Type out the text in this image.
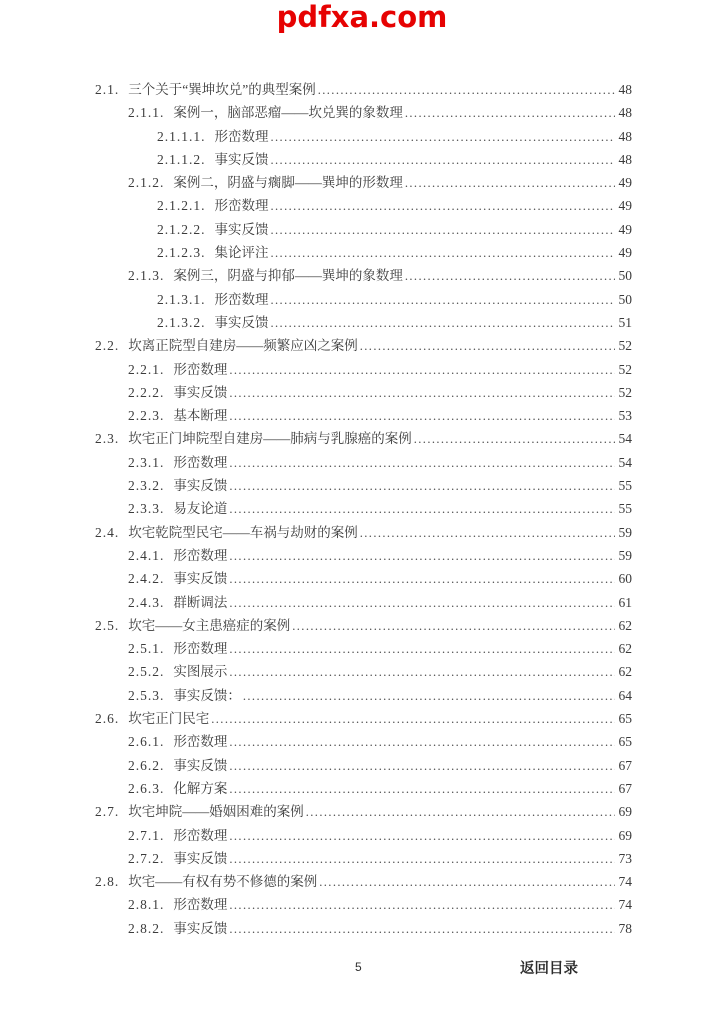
pdfxa.com
2.1. 三个关于“巽坤坎兑”的典型案例 .....	48
2.1.1. 案例一，脑部恶瘤——坎兑巽的象数理 .....	48
2.1.1.1. 形峦数理 .....	48
2.1.1.2. 事实反馈 .....	48
2.1.2. 案例二，阴盛与瘸脚——巽坤的形数理 .....	49
2.1.2.1. 形峦数理 .....	49
2.1.2.2. 事实反馈 .....	49
2.1.2.3. 集论评注 .....	49
2.1.3. 案例三，阴盛与抑郁——巽坤的象数理 .....	50
2.1.3.1. 形峦数理 .....	50
2.1.3.2. 事实反馈 .....	51
2.2. 坎离正院型自建房——频繁应凶之案例 .....	52
2.2.1. 形峦数理 .....	52
2.2.2. 事实反馈 .....	52
2.2.3. 基本断理 .....	53
2.3. 坎宅正门坤院型自建房——肺病与乳腺癌的案例 .....	54
2.3.1. 形峦数理 .....	54
2.3.2. 事实反馈 .....	55
2.3.3. 易友论道 .....	55
2.4. 坎宅乾院型民宅——车祸与劫财的案例 .....	59
2.4.1. 形峦数理 .....	59
2.4.2. 事实反馈 .....	60
2.4.3. 群断调法 .....	61
2.5. 坎宅——女主患癌症的案例 .....	62
2.5.1. 形峦数理 .....	62
2.5.2. 实图展示 .....	62
2.5.3. 事实反馈： .....	64
2.6. 坎宅正门民宅 .....	65
2.6.1. 形峦数理 .....	65
2.6.2. 事实反馈 .....	67
2.6.3. 化解方案 .....	67
2.7. 坎宅坤院——婚姻困难的案例 .....	69
2.7.1. 形峦数理 .....	69
2.7.2. 事实反馈 .....	73
2.8. 坎宅——有权有势不修德的案例 .....	74
2.8.1. 形峦数理 .....	74
2.8.2. 事实反馈 .....	78
5	返回目录
